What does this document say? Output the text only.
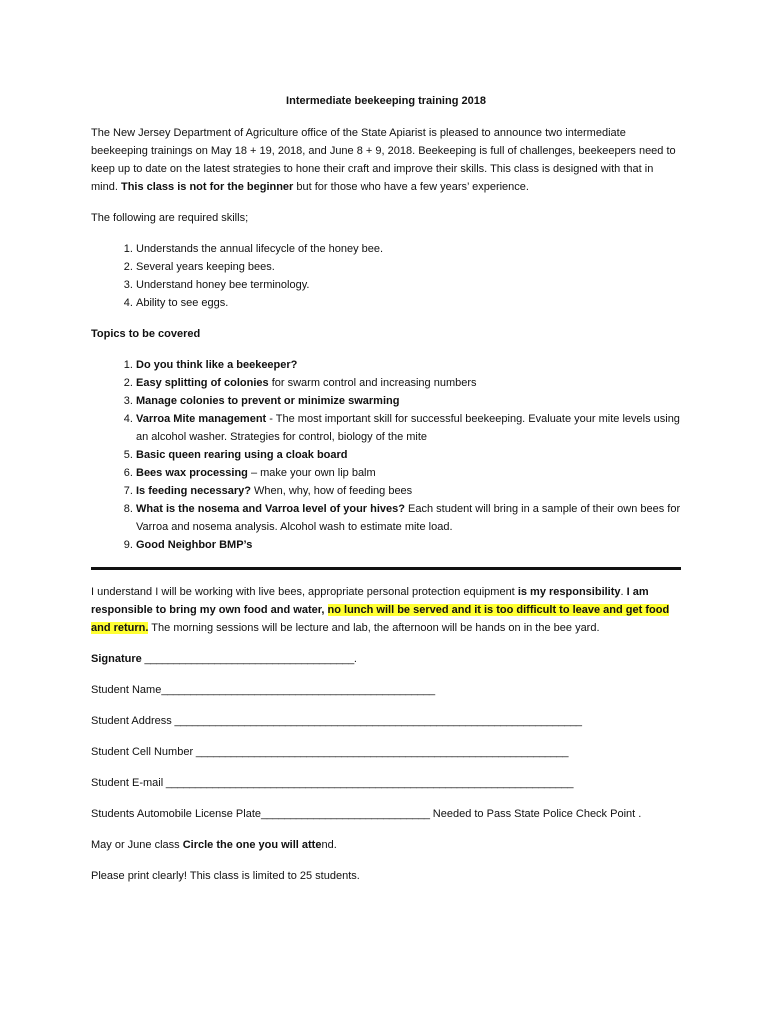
Intermediate beekeeping training 2018

The New Jersey Department of Agriculture office of the State Apiarist is pleased to announce two intermediate beekeeping trainings on May 18 + 19, 2018, and June 8 + 9, 2018. Beekeeping is full of challenges, beekeepers need to keep up to date on the latest strategies to hone their craft and improve their skills. This class is designed with that in mind. This class is not for the beginner but for those who have a few years’ experience.

The following are required skills;

1. Understands the annual lifecycle of the honey bee.
2. Several years keeping bees.
3. Understand honey bee terminology.
4. Ability to see eggs.

Topics to be covered

1. Do you think like a beekeeper?
2. Easy splitting of colonies for swarm control and increasing numbers
3. Manage colonies to prevent or minimize swarming
4. Varroa Mite management - The most important skill for successful beekeeping. Evaluate your mite levels using an alcohol washer. Strategies for control, biology of the mite
5. Basic queen rearing using a cloak board
6. Bees wax processing – make your own lip balm
7. Is feeding necessary? When, why, how of feeding bees
8. What is the nosema and Varroa level of your hives? Each student will bring in a sample of their own bees for Varroa and nosema analysis. Alcohol wash to estimate mite load.
9. Good Neighbor BMP’s

I understand I will be working with live bees, appropriate personal protection equipment is my responsibility. I am responsible to bring my own food and water, no lunch will be served and it is too difficult to leave and get food and return. The morning sessions will be lecture and lab, the afternoon will be hands on in the bee yard.

Signature ____________________________________.

Student Name_______________________________________________

Student Address ______________________________________________________________________

Student Cell Number ________________________________________________________________

Student E-mail ______________________________________________________________________

Students Automobile License Plate_____________________________ Needed to Pass State Police Check Point .

May or June class Circle the one you will attend.

Please print clearly! This class is limited to 25 students.
